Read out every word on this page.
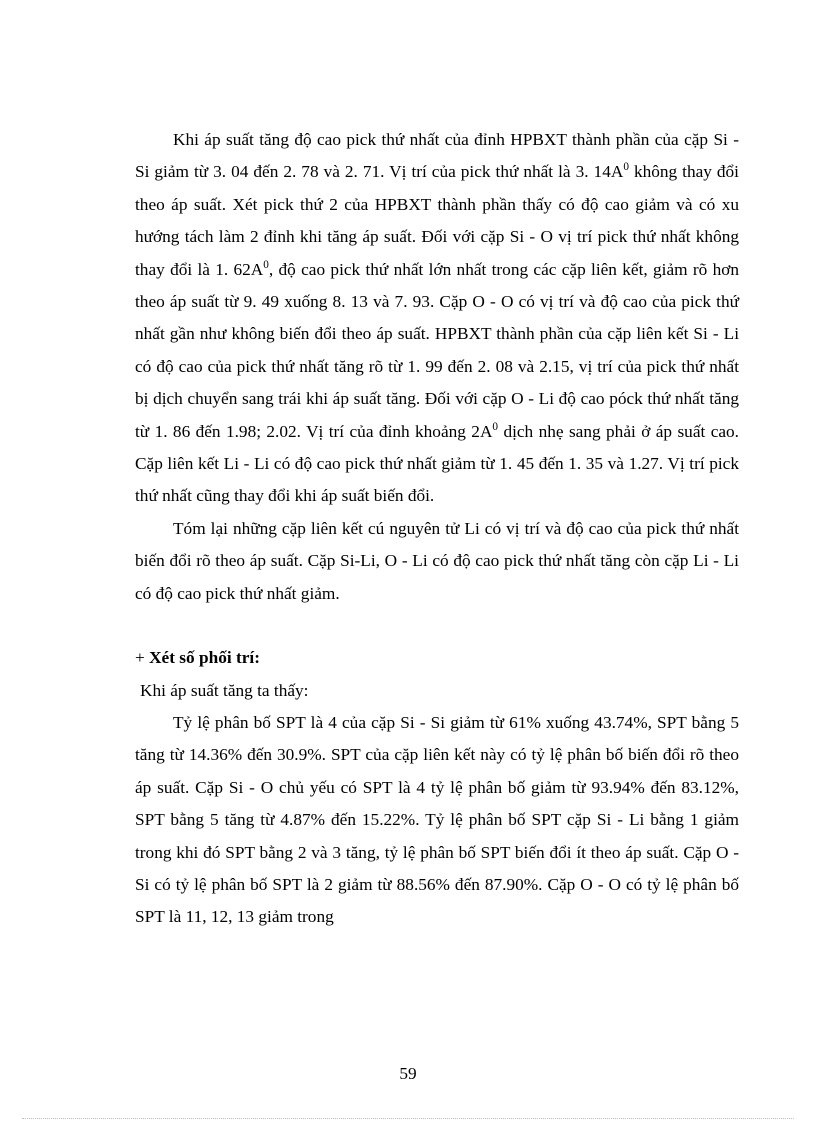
Khi áp suất tăng độ cao pick thứ nhất của đỉnh HPBXT thành phần của cặp Si - Si giảm từ 3. 04 đến 2. 78 và 2. 71. Vị trí của pick thứ nhất là 3. $14A^0$ không thay đổi theo áp suất. Xét pick thứ 2 của HPBXT thành phần thấy có độ cao giảm và có xu hướng tách làm 2 đỉnh khi tăng áp suất. Đối với cặp Si - O vị trí pick thứ nhất không thay đổi là 1. $62A^0$, độ cao pick thứ nhất lớn nhất trong các cặp liên kết, giảm rõ hơn theo áp suất từ 9. 49 xuống 8. 13 và 7. 93. Cặp O - O có vị trí và độ cao của pick thứ nhất gần như không biến đổi theo áp suất. HPBXT thành phần của cặp liên kết Si - Li có độ cao của pick thứ nhất tăng rõ từ 1. 99 đến 2. 08 và 2.15, vị trí của pick thứ nhất bị dịch chuyển sang trái khi áp suất tăng. Đối với cặp O - Li độ cao póck thứ nhất tăng từ 1. 86 đến 1.98; 2.02. Vị trí của đỉnh khoảng $2A^0$ dịch nhẹ sang phải ở áp suất cao. Cặp liên kết Li - Li có độ cao pick thứ nhất giảm từ 1. 45 đến 1. 35 và 1.27. Vị trí pick thứ nhất cũng thay đổi khi áp suất biến đổi.

Tóm lại những cặp liên kết cú nguyên tử Li có vị trí và độ cao của pick thứ nhất biến đổi rõ theo áp suất. Cặp Si-Li, O - Li có độ cao pick thứ nhất tăng còn cặp Li - Li có độ cao pick thứ nhất giảm.

+ Xét số phối trí:

Khi áp suất tăng ta thấy:

Tỷ lệ phân bố SPT là 4 của cặp Si - Si giảm từ 61% xuống 43.74%, SPT bằng 5 tăng từ 14.36% đến 30.9%. SPT của cặp liên kết này có tỷ lệ phân bố biến đổi rõ theo áp suất. Cặp Si - O chủ yếu có SPT là 4 tỷ lệ phân bố giảm từ 93.94% đến 83.12%, SPT bằng 5 tăng từ 4.87% đến 15.22%. Tỷ lệ phân bố SPT cặp Si - Li bằng 1 giảm trong khi đó SPT bằng 2 và 3 tăng, tỷ lệ phân bố SPT biến đổi ít theo áp suất. Cặp O - Si có tỷ lệ phân bố SPT là 2 giảm từ 88.56% đến 87.90%. Cặp O - O có tỷ lệ phân bố SPT là 11, 12, 13 giảm trong

59
